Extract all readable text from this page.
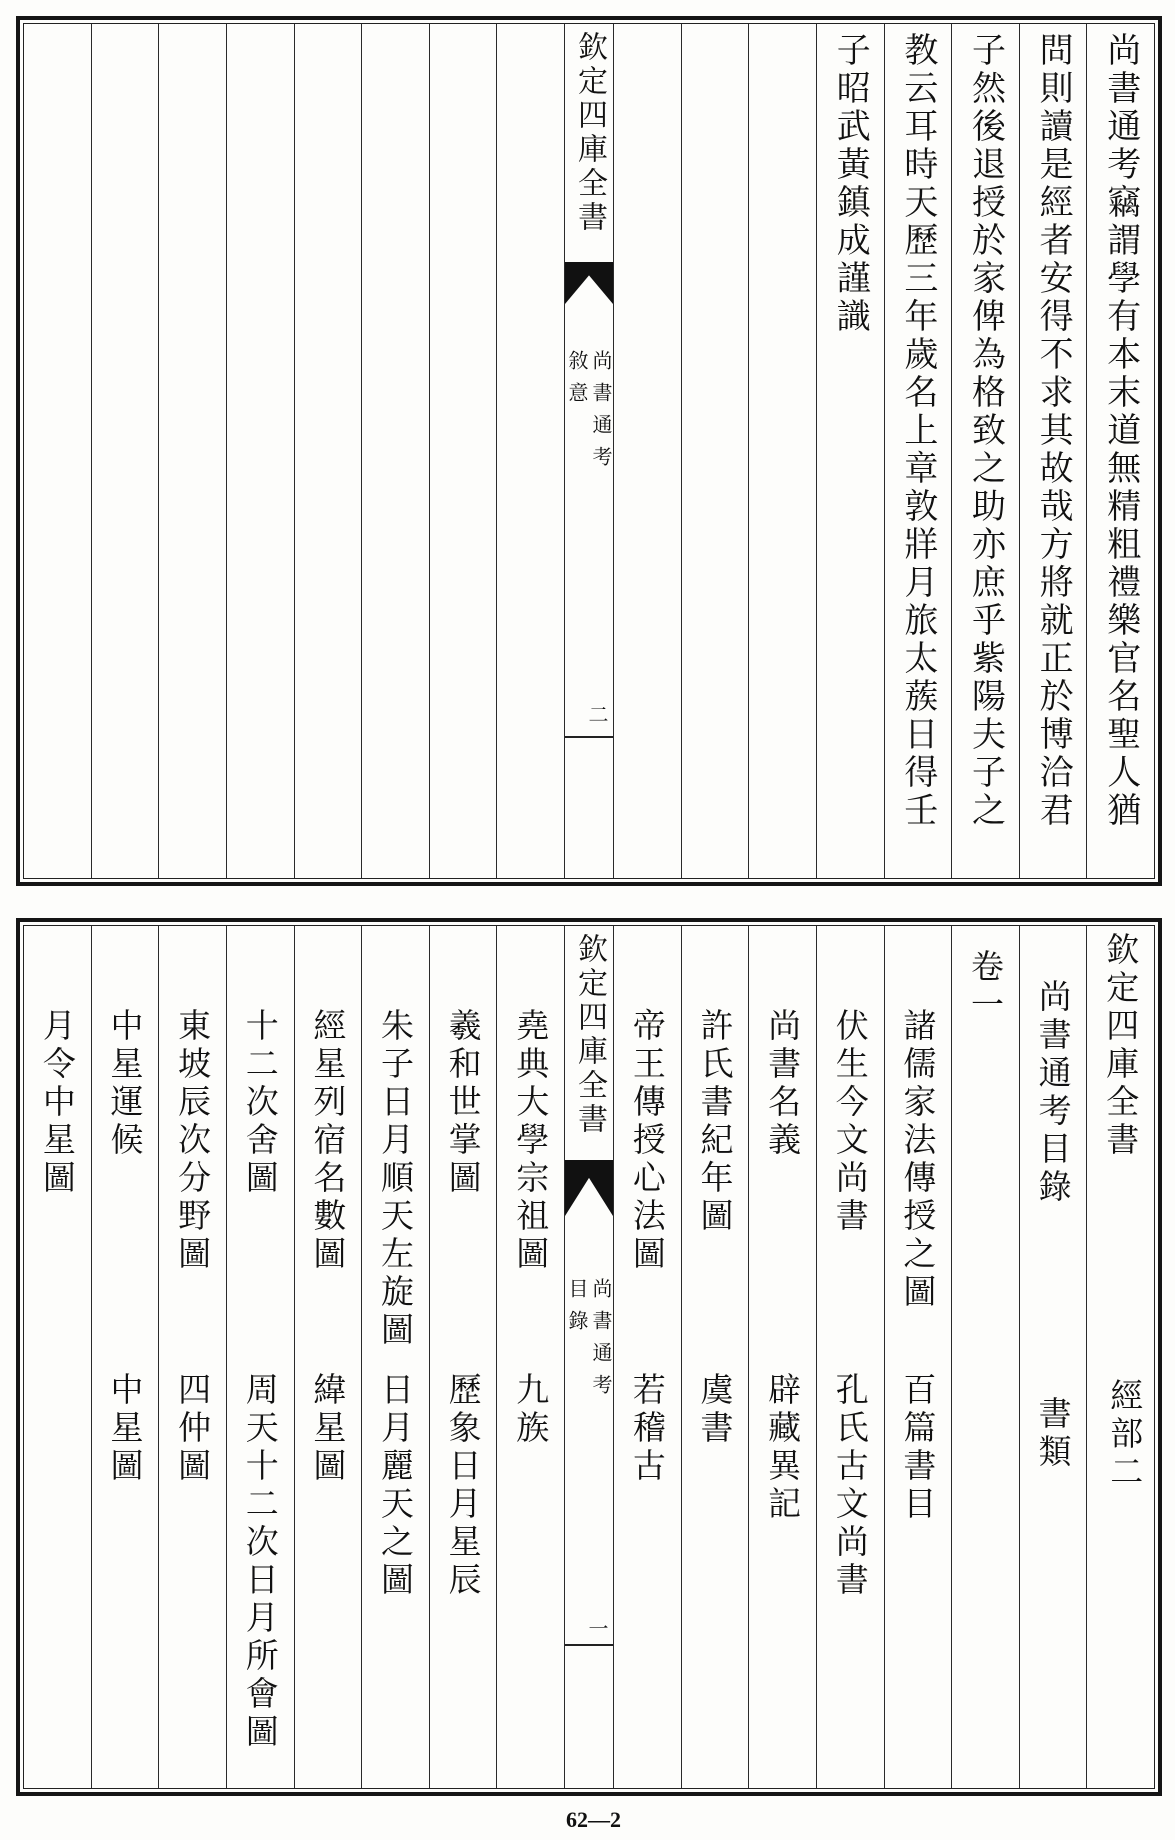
尚書通考竊謂學有本末道無精粗禮樂官名聖人猶
問則讀是經者安得不求其故哉方將就正於博洽君
子然後退授於家俾為格致之助亦庶乎紫陽夫子之
教云耳時天歷三年歲名上章敦牂月旅太蔟日得壬
子昭武黃鎮成謹識
欽定四庫全書
尚書通考
敘意
二
欽定四庫全書
經部二
尚書通考目錄
書類
卷一
諸儒家法傳授之圖
百篇書目
伏生今文尚書
孔氏古文尚書
尚書名義
辟藏異記
許氏書紀年圖
虞書
帝王傳授心法圖
若稽古
欽定四庫全書
尚書通考
目錄
一
堯典大學宗祖圖
九族
羲和世掌圖
歷象日月星辰
朱子日月順天左旋圖
日月麗天之圖
經星列宿名數圖
緯星圖
十二次舍圖
周天十二次日月所會圖
東坡辰次分野圖
四仲圖
中星運候
中星圖
月令中星圖
62—2
